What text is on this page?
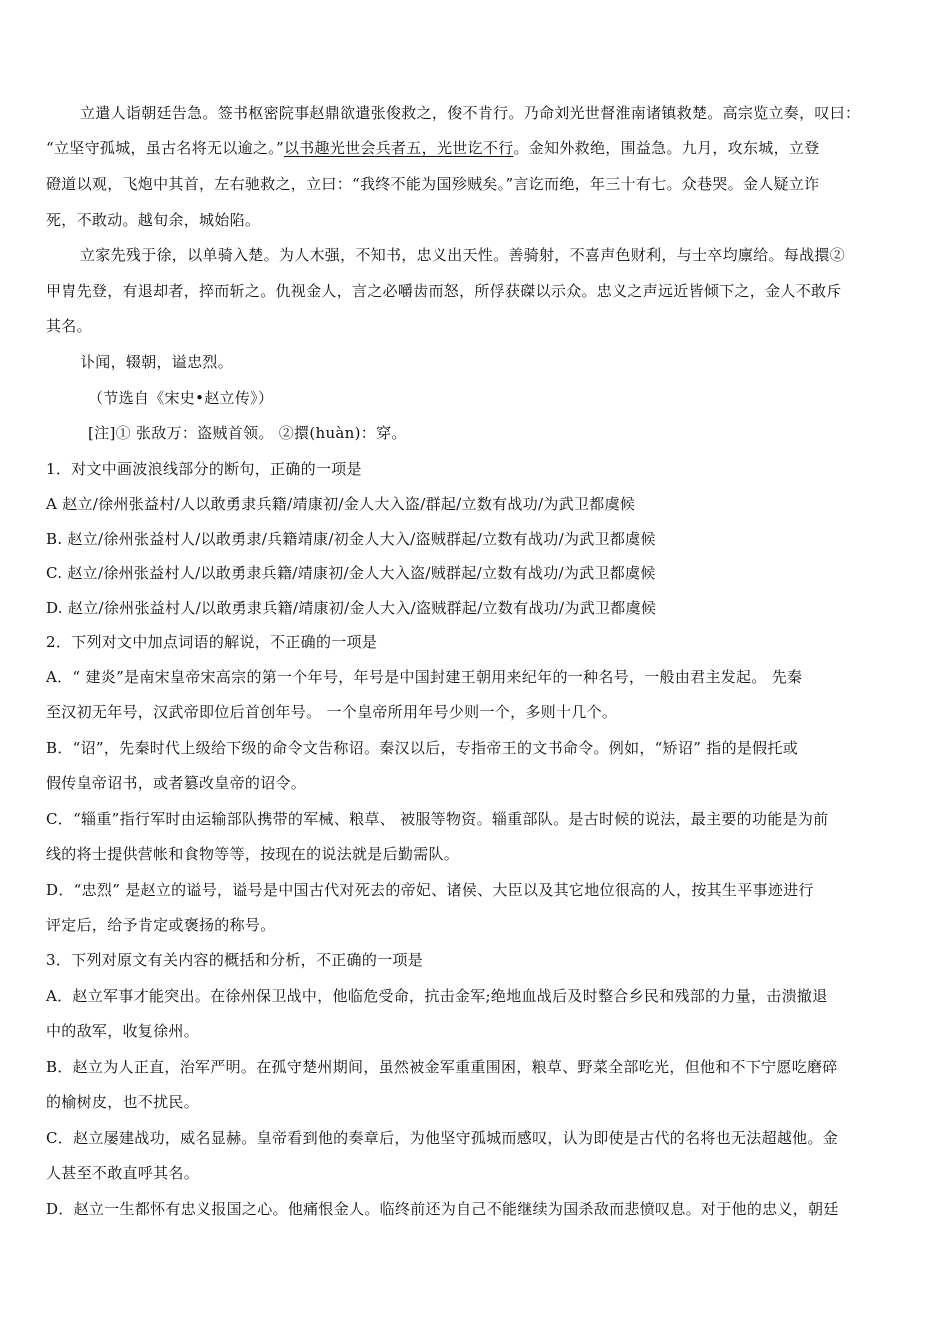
立遣人诣朝廷告急。签书枢密院事赵鼎欲遣张俊救之，俊不肯行。乃命刘光世督淮南诸镇救楚。高宗览立奏，叹曰：
“立坚守孤城，虽古名将无以逾之。”以书趣光世会兵者五，光世讫不行。金知外救绝，围益急。九月，攻东城，立登
磴道以观，飞炮中其首，左右驰救之，立曰：“我终不能为国殄贼矣。”言讫而绝，年三十有七。众巷哭。金人疑立诈
死，不敢动。越旬余，城始陷。
立家先残于徐，以单骑入楚。为人木强，不知书，忠义出天性。善骑射，不喜声色财利，与士卒均廪给。每战擐②
甲胄先登，有退却者，捽而斩之。仇视金人，言之必嚼齿而怒，所俘获磔以示众。忠义之声远近皆倾下之，金人不敢斥
其名。
讣闻，辍朝，谥忠烈。
（节选自《宋史•赵立传》）
[注]① 张敌万：盗贼首领。 ②擐(huàn)：穿。
1．对文中画波浪线部分的断句，正确的一项是
A 赵立/徐州张益村/人以敢勇隶兵籍/靖康初/金人大入盗/群起/立数有战功/为武卫都虞候
B. 赵立/徐州张益村人/以敢勇隶/兵籍靖康/初金人大入/盗贼群起/立数有战功/为武卫都虞候
C. 赵立/徐州张益村人/以敢勇隶兵籍/靖康初/金人大入盗/贼群起/立数有战功/为武卫都虞候
D. 赵立/徐州张益村人/以敢勇隶兵籍/靖康初/金人大入/盗贼群起/立数有战功/为武卫都虞候
2．下列对文中加点词语的解说，不正确的一项是
A．“ 建炎”是南宋皇帝宋高宗的第一个年号，年号是中国封建王朝用来纪年的一种名号，一般由君主发起。 先秦
至汉初无年号，汉武帝即位后首创年号。 一个皇帝所用年号少则一个，多则十几个。
B．“诏”，先秦时代上级给下级的命令文告称诏。秦汉以后，专指帝王的文书命令。例如，“矫诏” 指的是假托或
假传皇帝诏书，或者篡改皇帝的诏令。
C．“辎重”指行军时由运输部队携带的军械、粮草、 被服等物资。辎重部队。是古时候的说法，最主要的功能是为前
线的将士提供营帐和食物等等，按现在的说法就是后勤需队。
D．“忠烈” 是赵立的谥号，谥号是中国古代对死去的帝妃、诸侯、大臣以及其它地位很高的人，按其生平事迹进行
评定后，给予肯定或褒扬的称号。
3．下列对原文有关内容的概括和分析，不正确的一项是
A．赵立军事才能突出。在徐州保卫战中，他临危受命，抗击金军;绝地血战后及时整合乡民和残部的力量，击溃撤退
中的敌军，收复徐州。
B．赵立为人正直，治军严明。在孤守楚州期间，虽然被金军重重围困，粮草、野菜全部吃光，但他和不下宁愿吃磨碎
的榆树皮，也不扰民。
C．赵立屡建战功，威名显赫。皇帝看到他的奏章后，为他坚守孤城而感叹，认为即使是古代的名将也无法超越他。金
人甚至不敢直呼其名。
D．赵立一生都怀有忠义报国之心。他痛恨金人。临终前还为自己不能继续为国杀敌而悲愤叹息。对于他的忠义，朝廷
